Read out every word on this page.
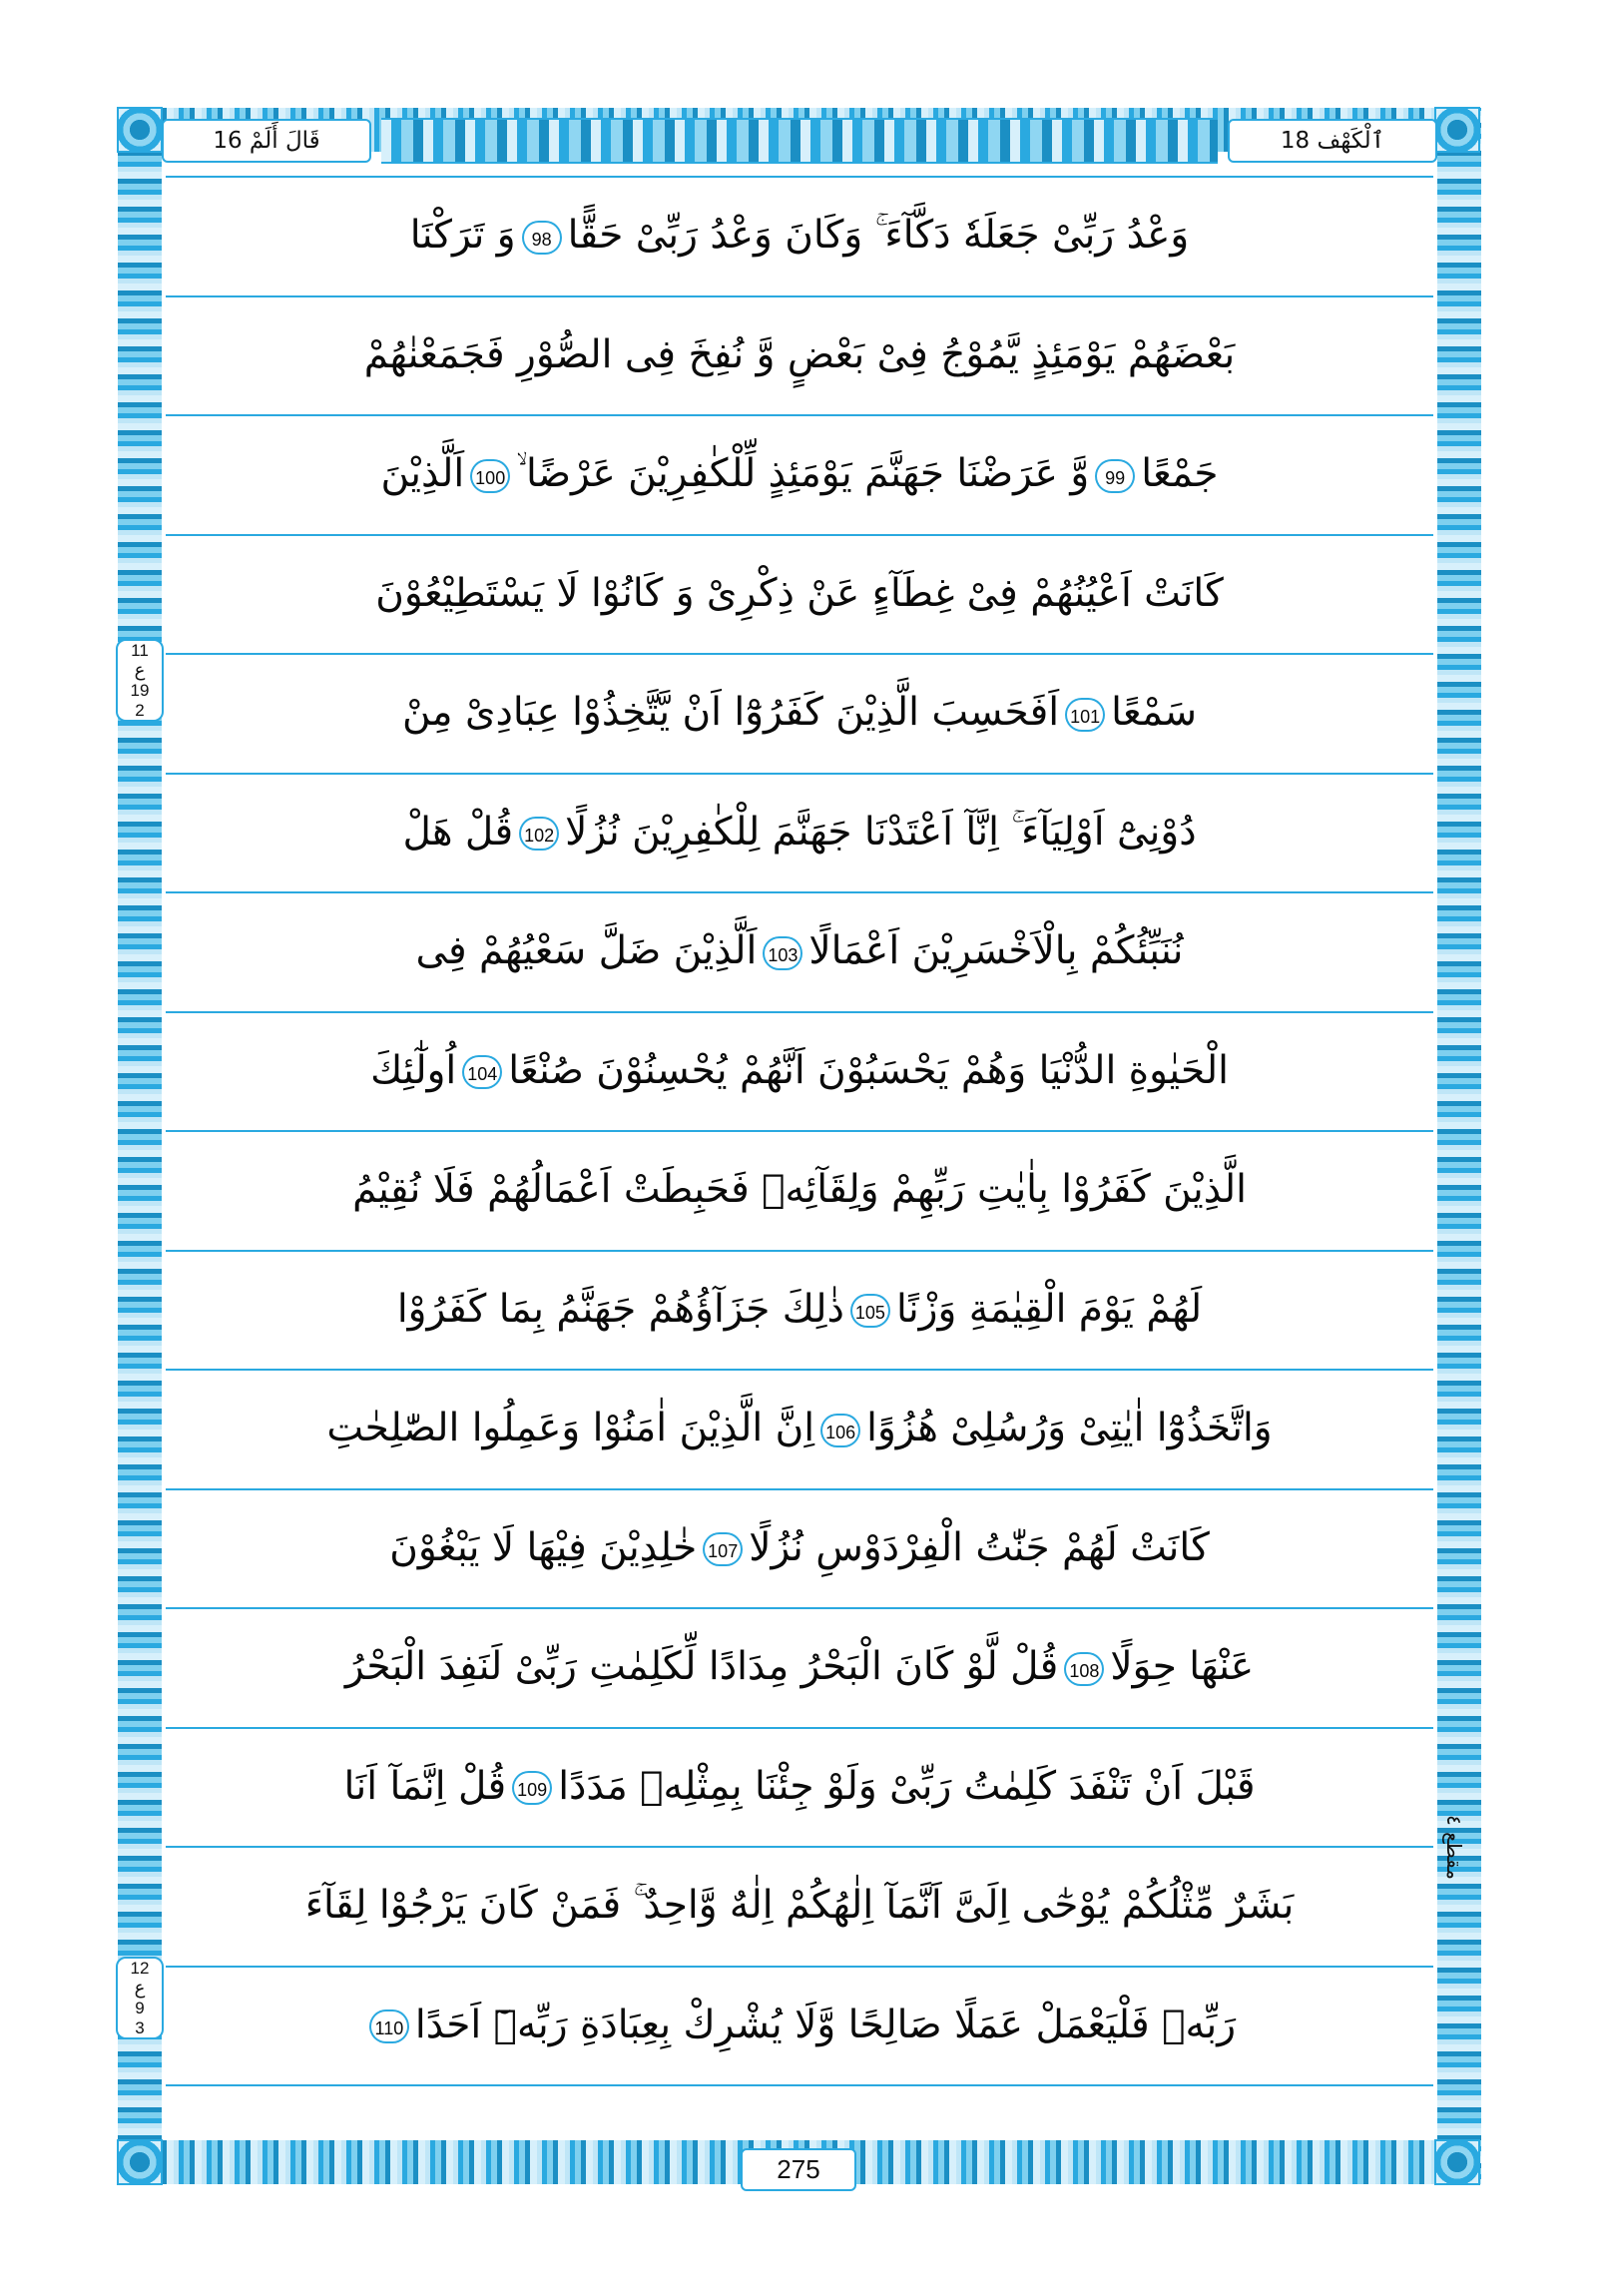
ٱلْكَهْف 18
قَالَ أَلَمْ 16
11
ع
19
2
12
ع
9
3
مقطع ٤
وَعْدُ رَبِّىْ جَعَلَهٗ دَكَّآءَ ۚ وَكَانَ وَعْدُ رَبِّىْ حَقًّا98وَ تَرَكْنَا
بَعْضَهُمْ يَوْمَئِذٍ يَّمُوْجُ فِىْ بَعْضٍ وَّ نُفِخَ فِى الصُّوْرِ فَجَمَعْنٰهُمْ
جَمْعًا99وَّ عَرَضْنَا جَهَنَّمَ يَوْمَئِذٍ لِّلْكٰفِرِيْنَ عَرْضًا ۙ100اَلَّذِيْنَ
كَانَتْ اَعْيُنُهُمْ فِىْ غِطَآءٍ عَنْ ذِكْرِىْ وَ كَانُوْا لَا يَسْتَطِيْعُوْنَ
سَمْعًا101اَفَحَسِبَ الَّذِيْنَ كَفَرُوْٓا اَنْ يَّتَّخِذُوْا عِبَادِىْ مِنْ
دُوْنِىْٓ اَوْلِيَآءَ ۚ اِنَّآ اَعْتَدْنَا جَهَنَّمَ لِلْكٰفِرِيْنَ نُزُلًا102قُلْ هَلْ
نُنَبِّئُكُمْ بِالْاَخْسَرِيْنَ اَعْمَالًا103اَلَّذِيْنَ ضَلَّ سَعْيُهُمْ فِى
الْحَيٰوةِ الدُّنْيَا وَهُمْ يَحْسَبُوْنَ اَنَّهُمْ يُحْسِنُوْنَ صُنْعًا104اُولٰٓئِكَ
الَّذِيْنَ كَفَرُوْا بِاٰيٰتِ رَبِّهِمْ وَلِقَآئِهٖ فَحَبِطَتْ اَعْمَالُهُمْ فَلَا نُقِيْمُ
لَهُمْ يَوْمَ الْقِيٰمَةِ وَزْنًا105ذٰلِكَ جَزَآؤُهُمْ جَهَنَّمُ بِمَا كَفَرُوْا
وَاتَّخَذُوْٓا اٰيٰتِىْ وَرُسُلِىْ هُزُوًا106اِنَّ الَّذِيْنَ اٰمَنُوْا وَعَمِلُوا الصّٰلِحٰتِ
كَانَتْ لَهُمْ جَنّٰتُ الْفِرْدَوْسِ نُزُلًا107خٰلِدِيْنَ فِيْهَا لَا يَبْغُوْنَ
عَنْهَا حِوَلًا108قُلْ لَّوْ كَانَ الْبَحْرُ مِدَادًا لِّكَلِمٰتِ رَبِّىْ لَنَفِدَ الْبَحْرُ
قَبْلَ اَنْ تَنْفَدَ كَلِمٰتُ رَبِّىْ وَلَوْ جِئْنَا بِمِثْلِهٖ مَدَدًا109قُلْ اِنَّمَآ اَنَا
بَشَرٌ مِّثْلُكُمْ يُوْحٰٓى اِلَىَّ اَنَّمَآ اِلٰهُكُمْ اِلٰهٌ وَّاحِدٌ ۚ فَمَنْ كَانَ يَرْجُوْا لِقَآءَ
رَبِّهٖ فَلْيَعْمَلْ عَمَلًا صَالِحًا وَّلَا يُشْرِكْ بِعِبَادَةِ رَبِّهٖٓ اَحَدًا110
275
